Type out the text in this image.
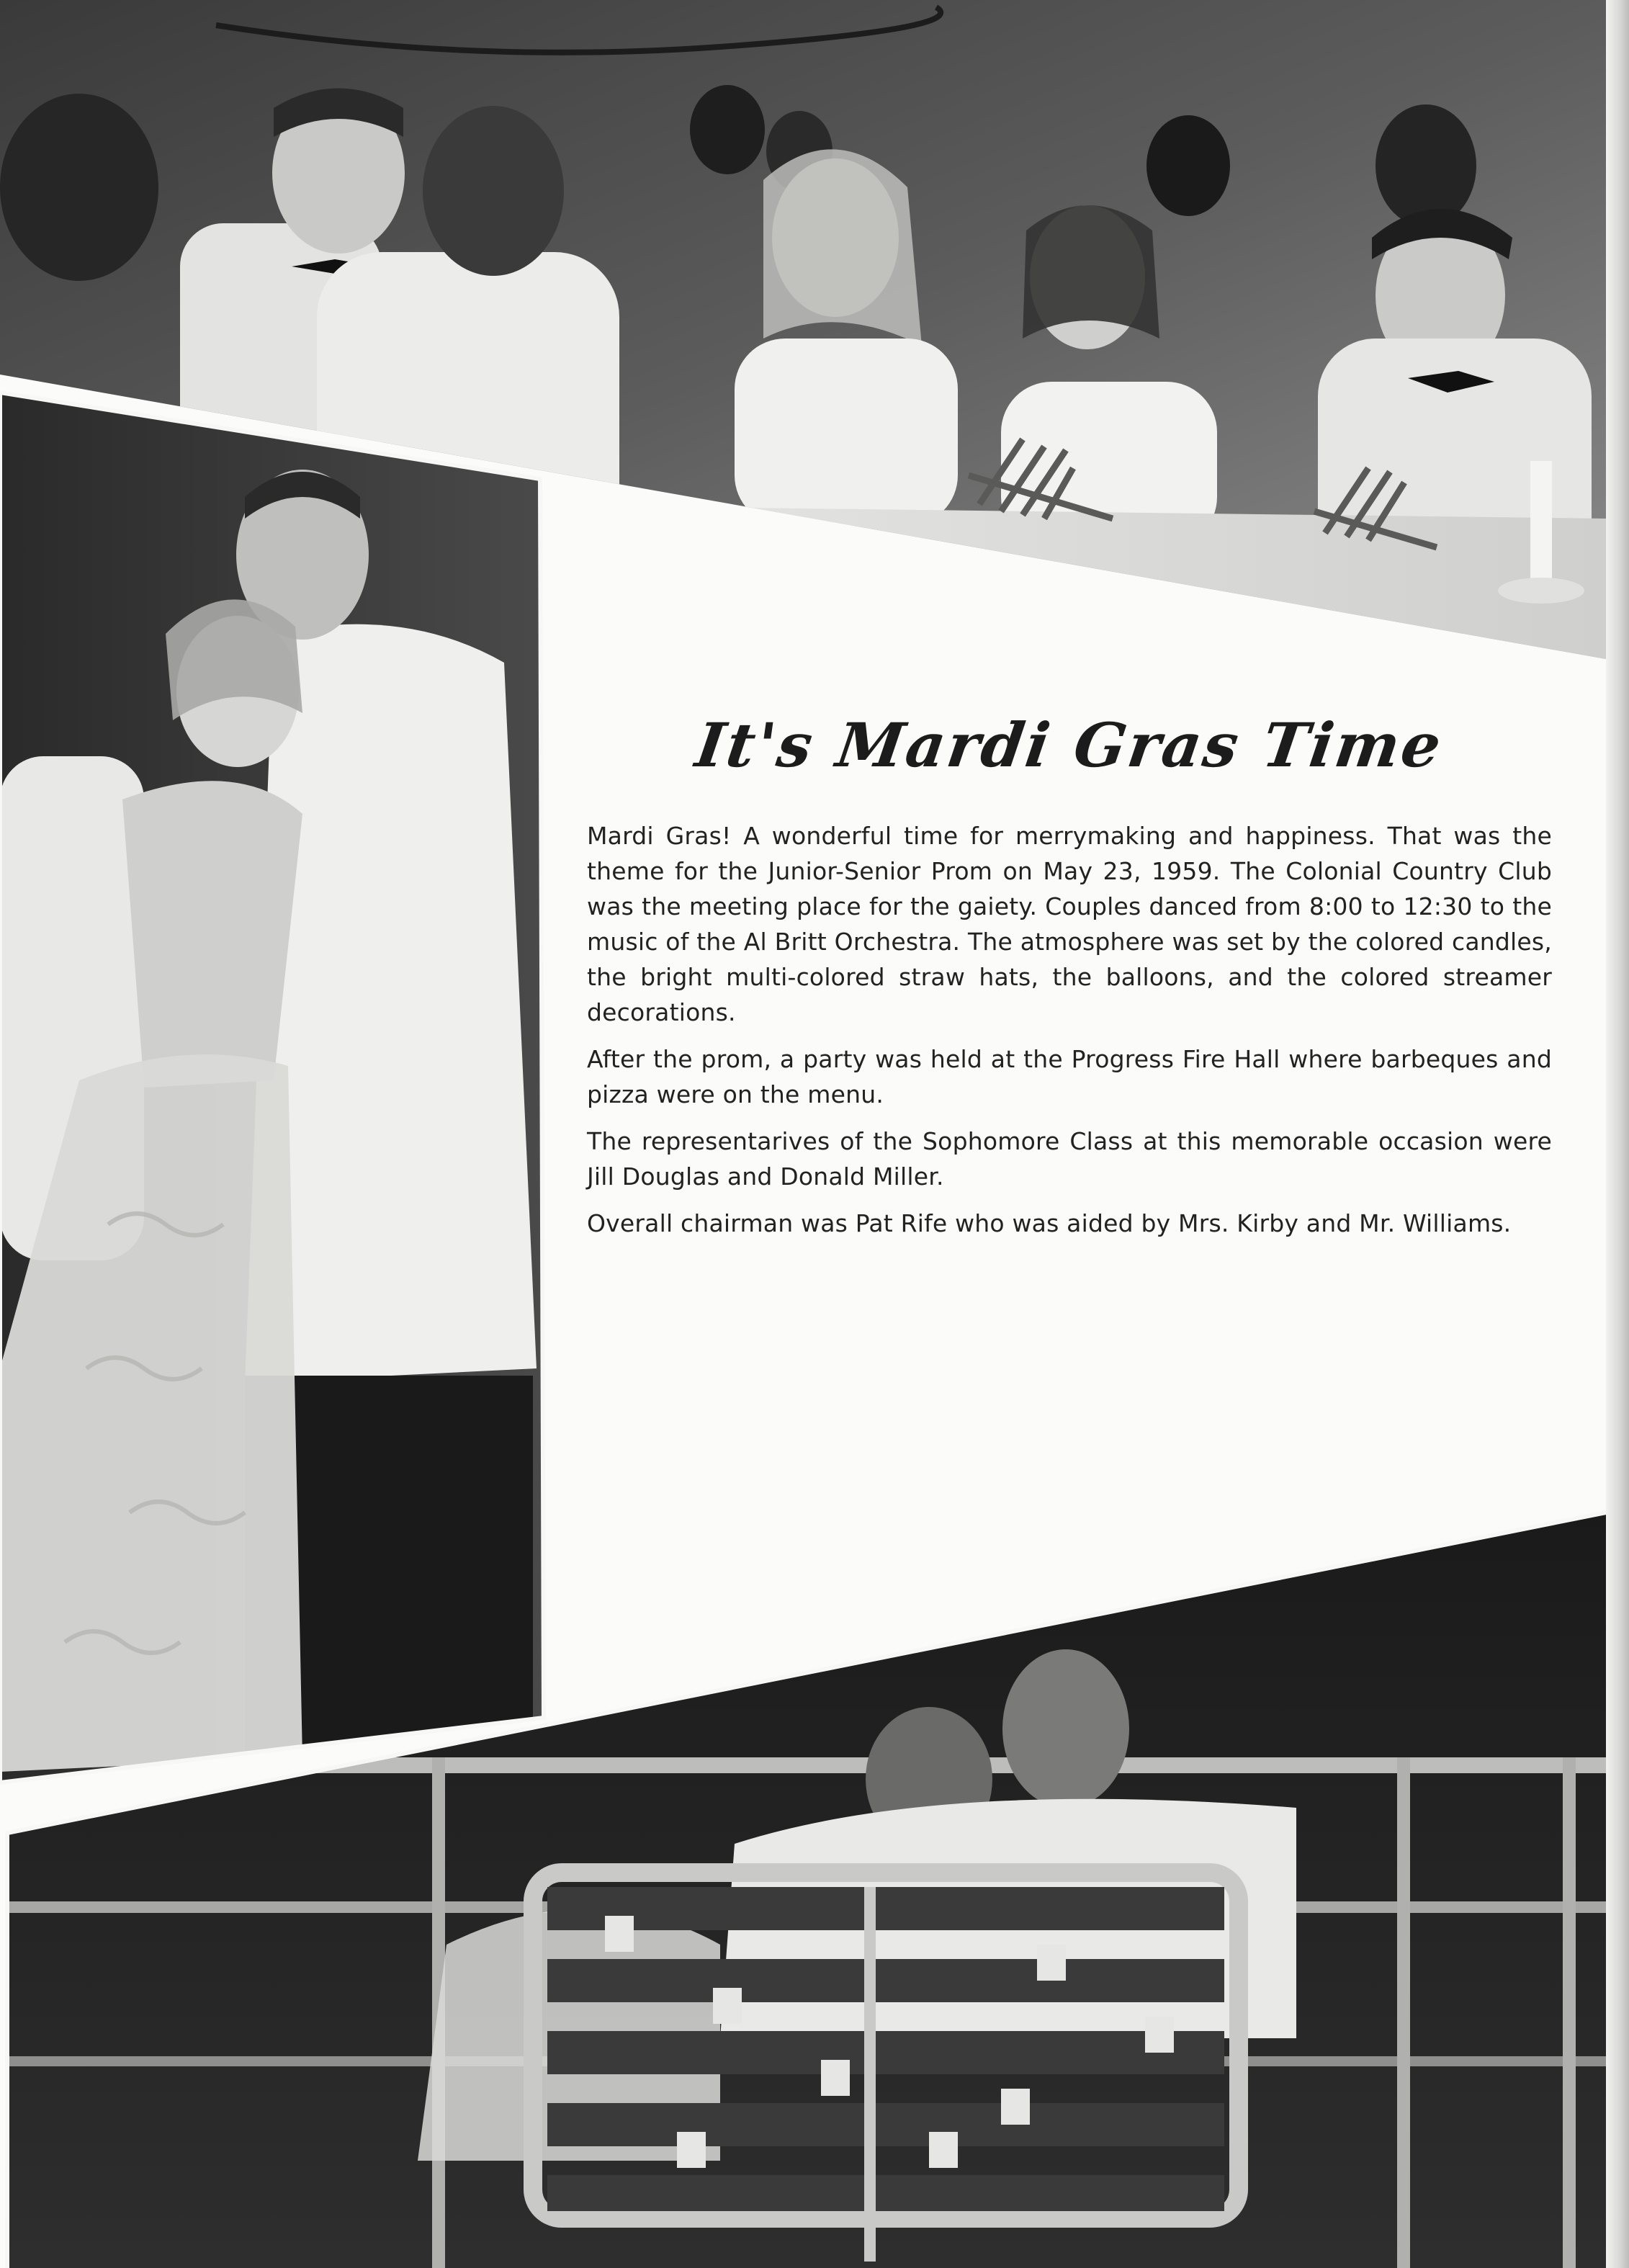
It's Mardi Gras Time

Mardi Gras! A wonderful time for merrymaking and happiness. That was the theme for the Junior-Senior Prom on May 23, 1959. The Colonial Country Club was the meeting place for the gaiety. Couples danced from 8:00 to 12:30 to the music of the Al Britt Orchestra. The atmosphere was set by the colored candles, the bright multi-colored straw hats, the balloons, and the colored streamer decorations.

After the prom, a party was held at the Progress Fire Hall where barbeques and pizza were on the menu.

The representarives of the Sophomore Class at this memorable occasion were Jill Douglas and Donald Miller.

Overall chairman was Pat Rife who was aided by Mrs. Kirby and Mr. Williams.
